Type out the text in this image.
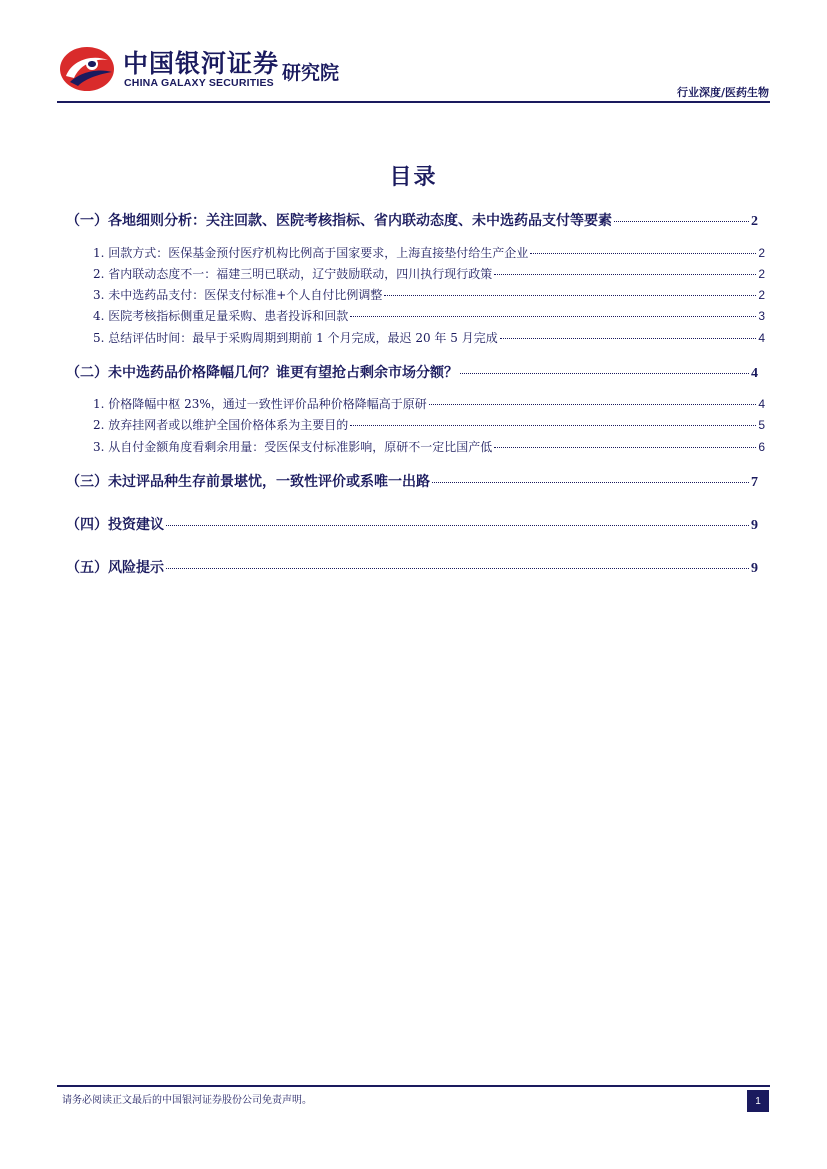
中国银河证券
CHINA GALAXY SECURITIES 研究院
行业深度/医药生物
目录
（一）各地细则分析：关注回款、医院考核指标、省内联动态度、未中选药品支付等要素	2
1. 回款方式：医保基金预付医疗机构比例高于国家要求，上海直接垫付给生产企业	2
2. 省内联动态度不一：福建三明已联动，辽宁鼓励联动，四川执行现行政策	2
3. 未中选药品支付：医保支付标准+个人自付比例调整	2
4. 医院考核指标侧重足量采购、患者投诉和回款	3
5. 总结评估时间：最早于采购周期到期前 1 个月完成，最迟 20 年 5 月完成	4
（二）未中选药品价格降幅几何？谁更有望抢占剩余市场分额？	4
1. 价格降幅中枢 23%，通过一致性评价品种价格降幅高于原研	4
2. 放弃挂网者或以维护全国价格体系为主要目的	5
3. 从自付金额角度看剩余用量：受医保支付标准影响，原研不一定比国产低	6
（三）未过评品种生存前景堪忧，一致性评价或系唯一出路	7
（四）投资建议	9
（五）风险提示	9
请务必阅读正文最后的中国银河证券股份公司免责声明。	1
